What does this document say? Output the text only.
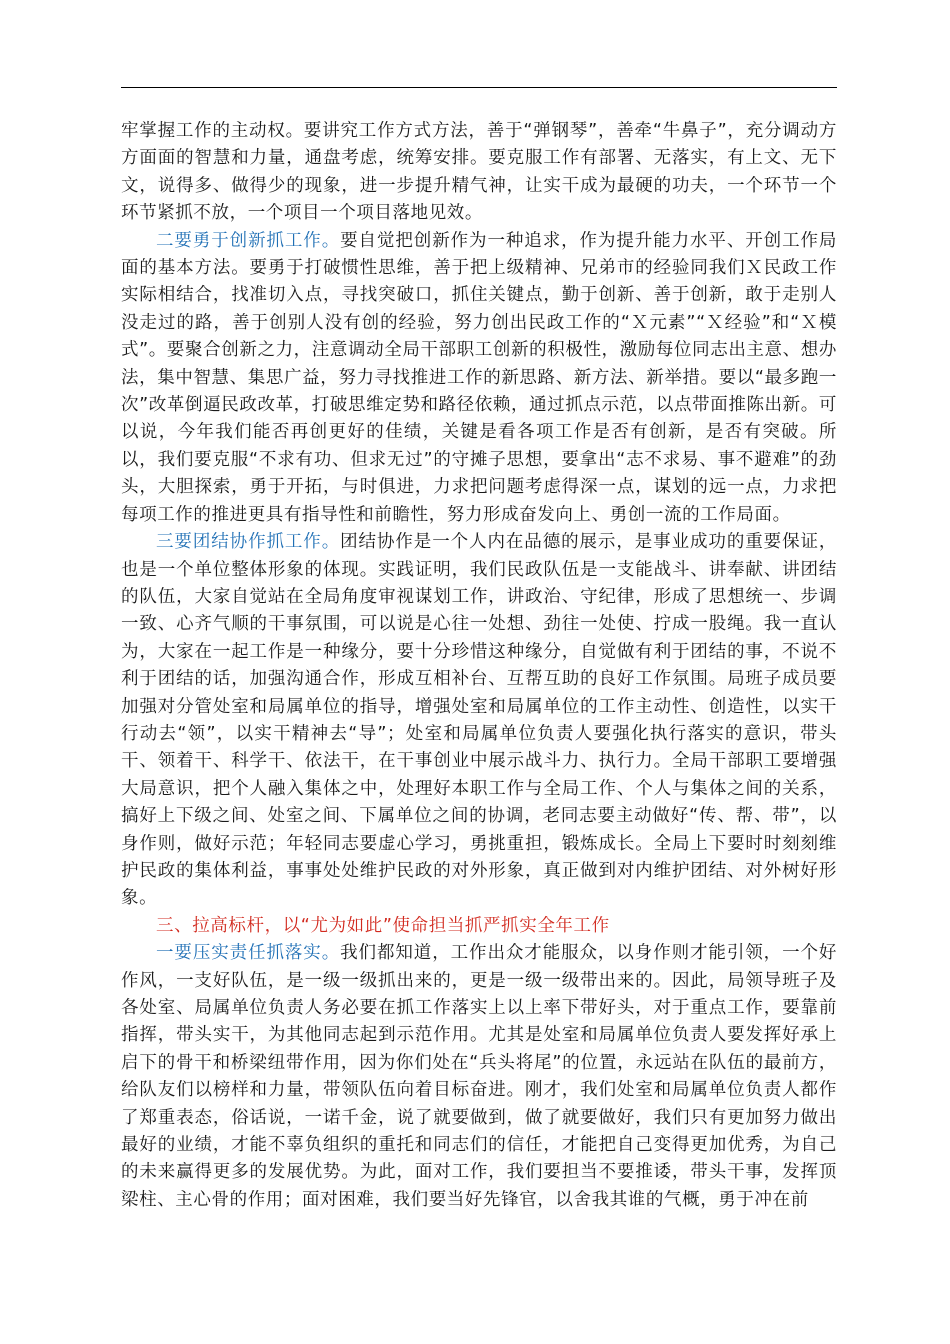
牢掌握工作的主动权。要讲究工作方式方法，善于“弹钢琴”，善牵“牛鼻子”，充分调动方方面面的智慧和力量，通盘考虑，统筹安排。要克服工作有部署、无落实，有上文、无下文，说得多、做得少的现象，进一步提升精气神，让实干成为最硬的功夫，一个环节一个环节紧抓不放，一个项目一个项目落地见效。

二要勇于创新抓工作。要自觉把创新作为一种追求，作为提升能力水平、开创工作局面的基本方法。要勇于打破惯性思维，善于把上级精神、兄弟市的经验同我们Ｘ民政工作实际相结合，找准切入点，寻找突破口，抓住关键点，勤于创新、善于创新，敢于走别人没走过的路，善于创别人没有创的经验，努力创出民政工作的“Ｘ元素”“Ｘ经验”和“Ｘ模式”。要聚合创新之力，注意调动全局干部职工创新的积极性，激励每位同志出主意、想办法，集中智慧、集思广益，努力寻找推进工作的新思路、新方法、新举措。要以“最多跑一次”改革倒逼民政改革，打破思维定势和路径依赖，通过抓点示范，以点带面推陈出新。可以说，今年我们能否再创更好的佳绩，关键是看各项工作是否有创新，是否有突破。所以，我们要克服“不求有功、但求无过”的守摊子思想，要拿出“志不求易、事不避难”的劲头，大胆探索，勇于开拓，与时俱进，力求把问题考虑得深一点，谋划的远一点，力求把每项工作的推进更具有指导性和前瞻性，努力形成奋发向上、勇创一流的工作局面。

三要团结协作抓工作。团结协作是一个人内在品德的展示，是事业成功的重要保证，也是一个单位整体形象的体现。实践证明，我们民政队伍是一支能战斗、讲奉献、讲团结的队伍，大家自觉站在全局角度审视谋划工作，讲政治、守纪律，形成了思想统一、步调一致、心齐气顺的干事氛围，可以说是心往一处想、劲往一处使、拧成一股绳。我一直认为，大家在一起工作是一种缘分，要十分珍惜这种缘分，自觉做有利于团结的事，不说不利于团结的话，加强沟通合作，形成互相补台、互帮互助的良好工作氛围。局班子成员要加强对分管处室和局属单位的指导，增强处室和局属单位的工作主动性、创造性，以实干行动去“领”，以实干精神去“导”；处室和局属单位负责人要强化执行落实的意识，带头干、领着干、科学干、依法干，在干事创业中展示战斗力、执行力。全局干部职工要增强大局意识，把个人融入集体之中，处理好本职工作与全局工作、个人与集体之间的关系，搞好上下级之间、处室之间、下属单位之间的协调，老同志要主动做好“传、帮、带”，以身作则，做好示范；年轻同志要虚心学习，勇挑重担，锻炼成长。全局上下要时时刻刻维护民政的集体利益，事事处处维护民政的对外形象，真正做到对内维护团结、对外树好形象。

三、拉高标杆，以“尤为如此”使命担当抓严抓实全年工作

一要压实责任抓落实。我们都知道，工作出众才能服众，以身作则才能引领，一个好作风，一支好队伍，是一级一级抓出来的，更是一级一级带出来的。因此，局领导班子及各处室、局属单位负责人务必要在抓工作落实上以上率下带好头，对于重点工作，要靠前指挥，带头实干，为其他同志起到示范作用。尤其是处室和局属单位负责人要发挥好承上启下的骨干和桥梁纽带作用，因为你们处在“兵头将尾”的位置，永远站在队伍的最前方，给队友们以榜样和力量，带领队伍向着目标奋进。刚才，我们处室和局属单位负责人都作了郑重表态，俗话说，一诺千金，说了就要做到，做了就要做好，我们只有更加努力做出最好的业绩，才能不辜负组织的重托和同志们的信任，才能把自己变得更加优秀，为自己的未来赢得更多的发展优势。为此，面对工作，我们要担当不要推诿，带头干事，发挥顶梁柱、主心骨的作用；面对困难，我们要当好先锋官，以舍我其谁的气概，勇于冲在前
